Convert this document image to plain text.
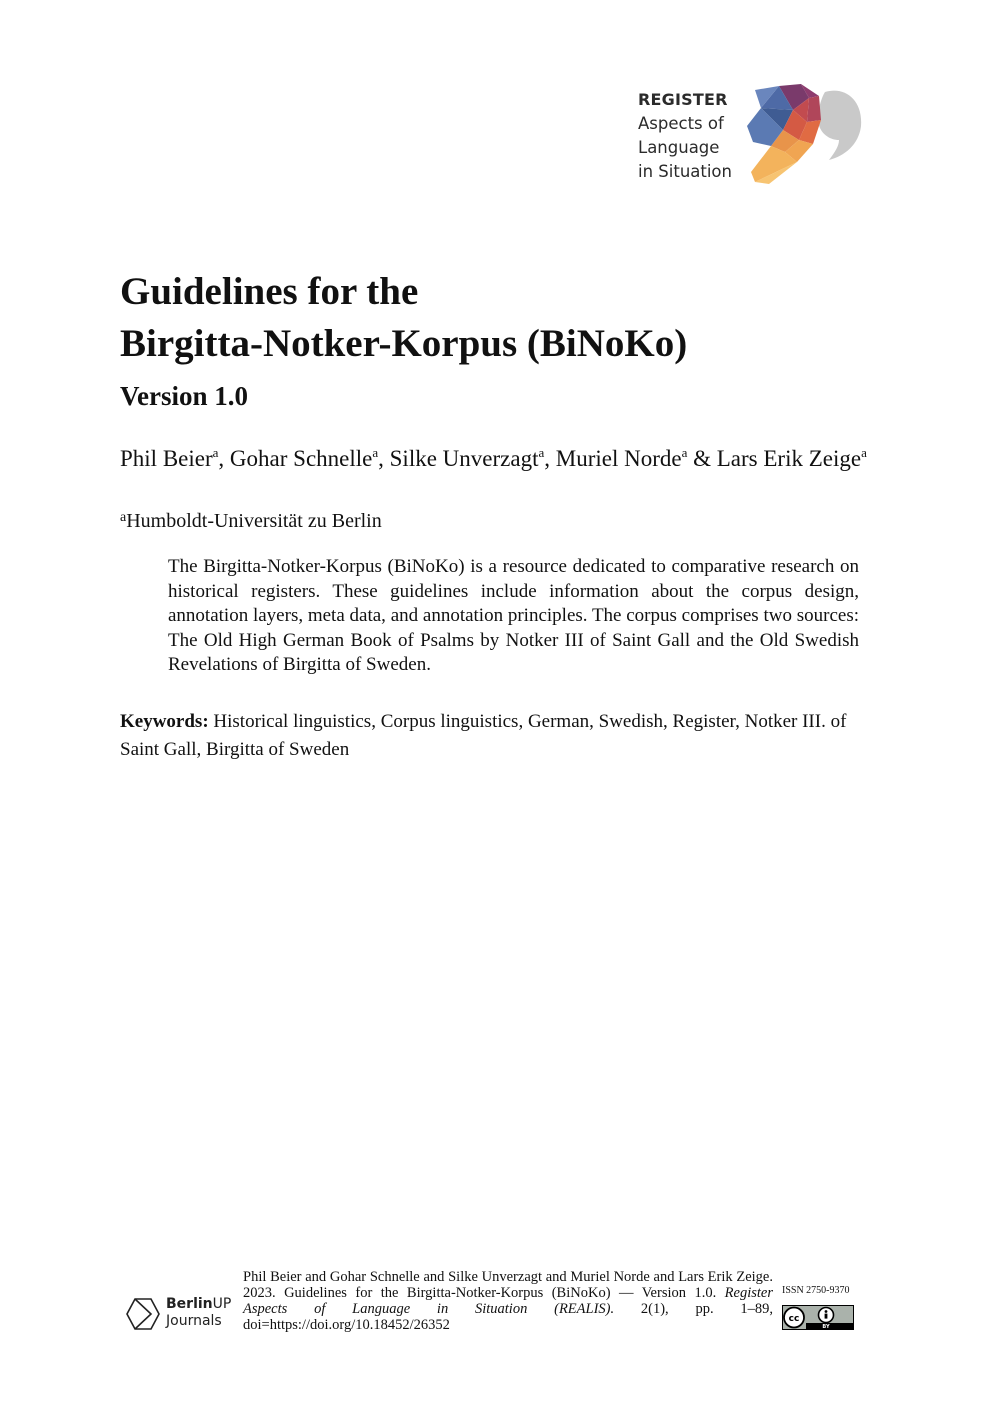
REGISTER
Aspects of
Language
in Situation
Guidelines for the
Birgitta-Notker-Korpus (BiNoKo)
Version 1.0

Phil Beier$^a$, Gohar Schnelle$^a$, Silke Unverzagt$^a$, Muriel Norde$^a$ & Lars Erik Zeige$^a$

$^a$Humboldt-Universität zu Berlin

The Birgitta-Notker-Korpus (BiNoKo) is a resource dedicated to comparative research on historical registers. These guidelines include information about the corpus design, annotation layers, meta data, and annotation principles. The corpus comprises two sources: The Old High German Book of Psalms by Notker III of Saint Gall and the Old Swedish Revelations of Birgitta of Sweden.

Keywords: Historical linguistics, Corpus linguistics, German, Swedish, Register, Notker III. of Saint Gall, Birgitta of Sweden

BerlinUP
Journals

Phil Beier and Gohar Schnelle and Silke Unverzagt and Muriel Norde and Lars Erik Zeige. 2023. Guidelines for the Birgitta-Notker-Korpus (BiNoKo) — Version 1.0. Register Aspects of Language in Situation (REALIS). 2(1), pp. 1–89, doi=https://doi.org/10.18452/26352

ISSN 2750-9370
cc
BY
